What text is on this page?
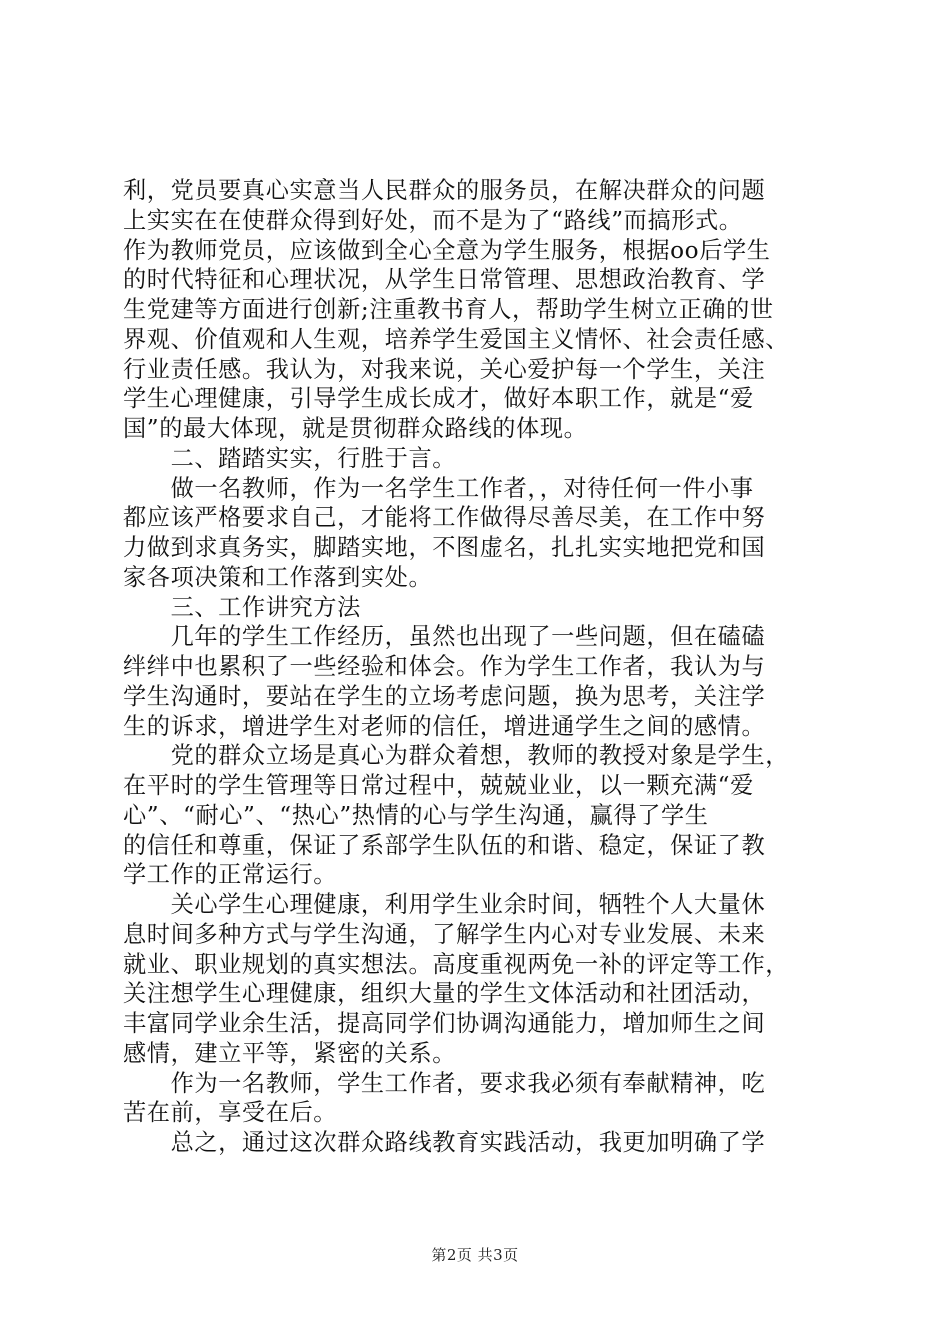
利，党员要真心实意当人民群众的服务员，在解决群众的问题
上实实在在使群众得到好处，而不是为了“路线”而搞形式。
作为教师党员，应该做到全心全意为学生服务，根据oo后学生
的时代特征和心理状况，从学生日常管理、思想政治教育、学
生党建等方面进行创新;注重教书育人，帮助学生树立正确的世
界观、价值观和人生观，培养学生爱国主义情怀、社会责任感、
行业责任感。我认为，对我来说，关心爱护每一个学生，关注
学生心理健康，引导学生成长成才，做好本职工作，就是“爱
国”的最大体现，就是贯彻群众路线的体现。
　　二、踏踏实实，行胜于言。
　　做一名教师，作为一名学生工作者，，对待任何一件小事
都应该严格要求自己，才能将工作做得尽善尽美，在工作中努
力做到求真务实，脚踏实地，不图虚名，扎扎实实地把党和国
家各项决策和工作落到实处。
　　三、工作讲究方法
　　几年的学生工作经历，虽然也出现了一些问题，但在磕磕
绊绊中也累积了一些经验和体会。作为学生工作者，我认为与
学生沟通时，要站在学生的立场考虑问题，换为思考，关注学
生的诉求，增进学生对老师的信任，增进通学生之间的感情。
　　党的群众立场是真心为群众着想，教师的教授对象是学生，
在平时的学生管理等日常过程中，兢兢业业，以一颗充满“爱
心”、“耐心”、“热心”热情的心与学生沟通，赢得了学生
的信任和尊重，保证了系部学生队伍的和谐、稳定，保证了教
学工作的正常运行。
　　关心学生心理健康，利用学生业余时间，牺牲个人大量休
息时间多种方式与学生沟通，了解学生内心对专业发展、未来
就业、职业规划的真实想法。高度重视两免一补的评定等工作，
关注想学生心理健康，组织大量的学生文体活动和社团活动，
丰富同学业余生活，提高同学们协调沟通能力，增加师生之间
感情，建立平等，紧密的关系。
　　作为一名教师，学生工作者，要求我必须有奉献精神，吃
苦在前，享受在后。
　　总之，通过这次群众路线教育实践活动，我更加明确了学
第2页 共3页
